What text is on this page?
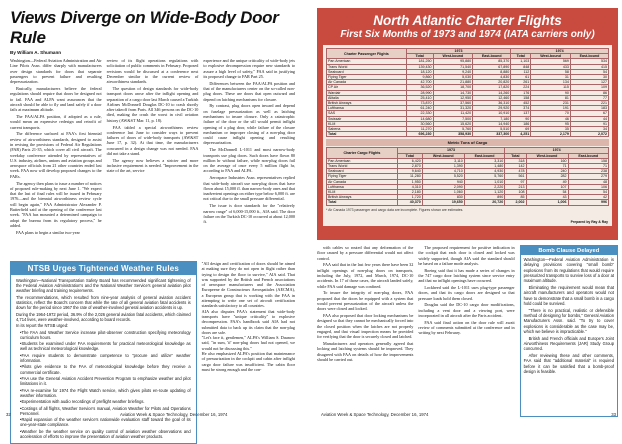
Views Diverge on Wide-Body Door Rule
By William A. Shumann

Washington—Federal Aviation Administration and Air Line Pilots Assn. differ sharply with manufacturers over design standards for doors that separate passengers to prevent failure and resulting depressurization.

Basically, manufacturers believe the federal regulations should require that doors be designed not to fail. FAA and ALPA want assurances that the aircraft should be able to fly and land safely if a door fails at maximum altitude.

The FAA/ALPA position, if adopted as a rule, would mean an expensive redesign and retrofit of current transports.

The difference surfaced at FAA's first biennial review of airworthiness standards, designed to assist in revising the provisions of Federal Air Regulations (FAR) Parts 21-35, which cover all civil aircraft. The weekday conference attended by representatives of U.S. industry, airlines, unions and aviation groups and aerospace officials from 21 other countries ended last week. FAA now will develop proposed changes to the FARs.

The agency then plans to issue a number of notices of proposed rule-making by next June 1. "We expect that the last of final rules will be issued in February 1976—and the biennial airworthiness review cycle will begin again," FAA Administrator Alexander P. Butterfield said at the opening of the conference last week. "FAA has mounted a determined campaign to adopt the bureau from its regulatory process," he added.

FAA plans to begin a similar two-year

review of its flight operations regulations with solicitation of public comments in February. Proposed revisions would be discussed at a conference next December similar to the current review of airworthiness standards.

The question of design standards for wide-body transport doors arose after the inflight opening and separation of a cargo door last March caused a Turkish Airlines McDonnell Douglas DC-10 to crash shortly after takeoff from Paris. All 346 persons on the DC-10 died, making the crash the worst in civil aviation history (AW&ST Mar. 11, p. 18).

FAA tabled a special airworthiness review conference last June to consider ways to prevent failures of doors of wide-body transports (AW&ST June 17, p. 32). At that time, the manufacturers concurred in a design change was not needed. FAA did not take a stand.

The agency now believes a stricter and more inclusive requirement is needed. "Improvement in the state of the art, service

experience and the unique criticality of wide-body jets to explosive decompression require new standards to assure a high level of safety," FAA said in justifying its proposed change to FAR Part 25.

Differences between the FAA/ALPA position and that of the manufacturers center on the so-called non-plug doors. These are doors that open outward and depend on latching mechanisms for closure.

By contrast, plug doors open inward and depend on fuselage pressurization as well as latching mechanisms to insure closure. Only a catastrophic failure of the door or the sill would permit inflight opening of a plug door, while failure of the closure mechanism or improper closing of a non-plug door could cause inflight opening and resulting depressurization.

The McDonnell L-1011 and most narrow-body transports use plug doors. Such doors have flown 80 million hr without failure, while non-plug doors fail on the average of once every 5 million flight hr, according to FAA and ALPA.

Aerospace Industries Assn. representatives replied that wide-body aircraft use non-plug doors that have flown about 15,000 fl. than narrow-body ones and that inadvertent openings on either type below 6,000 ft. are not critical due to the small pressure differential.

The issue is door standards for the "relatively narrow range" of 6,000-15,000 ft., AIA said. The door failure on the Turkish DC-10 occurred at about 12,000 ft.

NTSB Urges Tightened Weather Rules

Washington—National Transportation Safety Board has recommended significant tightening of the Federal Aviation Administration's and the National Weather Service's general aviation pilot weather briefing and training requirements.

The recommendations, which resulted from nine-year analysis of general aviation accident statistics, reflect the Board's concern that while the rate of all general aviation fatal accidents is down for the period since 1967 the rate of weather-involved general aviation accidents is up.

During the 1964-1972 period, 36.9% of the 2,026 general aviation fatal accidents, which claimed 4,714 lives, were weather-involved, according to board records.

In its report the NTSB urged:

• The FAA and Weather Service increase pilot-observer construction specifying meteorology curriculum hours.
• Students be examined under FAA requirements for practical meteorological knowledge as well as technical meteorological knowledge.
• FAA require students to demonstrate competence to "procure and utilize" weather information.
• Pilots give evidence to the FAA of meteorological knowledge before they receive a commercial certificate.
• FAA use the General Aviation Accident Prevention Program to emphasize weather and pilot limitations in it.
• FAA re-examine for 1974 the Flight Watch service, which gives pilots en-route updating of weather information.
• Experimentation with audio recordings of preflight weather briefings.
• Costings of all flights, Weather Service's manual, Aviation Weather for Pilots and Operations Personnel.
• Rapid expansion of the weather service's nationwide evaluation staff toward the goal of its one-year-state compliance.
• Weather be the weather service on quality control of aviation weather observations and acceleration of efforts to improve the presentation of aviation weather products.

"All design and certification of doors should be aimed at making sure they do not open in flight rather than trying to design the floor to survive," AIA said. That was supported by the British and French associations of aerospace manufacturers and the Association Europeene de Constructeurs Aerospatiales (AECMA), a European group that is working with the FAA in attempting to write one set of aircraft certification standards satisfactory to all countries.

AIA also disputes FAA's statement that wide-body transports have "unique criticality" to explosive decompression. FAA's handbook said AIA had not submitted data to back up its claim that the non-plug doors are safe.

"Let's face it, gentlemen," ALPA's William S. Daunow said, "in sum, 'if' non-plug doors had not opened, we would not be discussing this."

He also emphasized ALPA's position that maintenance of pressurization in the cockpit and cabin after inflight cargo door failure was insufficient. The cabin floor must be strong enough and the con-

32	Aviation Week & Space Technology, December 16, 1974
North Atlantic Charter Flights
First Six Months of 1973 and 1974 (IATA carriers only)
Charter Passenger Flights	1973			1974		
	Total	West-bound	East-bound	Total	West-bound	East-bound
Pan American	181,250	95,880	85,370	1,103	569	534
Trans World	139,430	71,540	67,890	848	433	415
Seaboard	18,120	9,240	8,880	112	58	54
Flying Tiger	9,860	5,030	4,830	61	31	30
Air Canada	42,700	21,880	20,820	261	134	127
CP Air	36,520	18,700	17,820	224	115	109
Wardair	28,990	14,730	14,260	176	90	86
Alitalia	25,410	12,950	12,460	158	81	77
British Airways	73,870	37,560	36,310	452	231	221
Lufthansa	61,240	31,320	29,920	374	191	183
SAS	22,330	11,420	10,910	137	70	67
Swissair	14,680	7,500	7,180	90	46	44
KLM	30,560	15,620	14,940	186	95	91
Sabena	11,270	5,760	5,510	69	35	34
Total	696,230	358,930	337,300	4,251	2,179	2,072
Metric Tons of Cargo
Charter Cargo Flights	1973			1974		
	Total	West-bound	East-bound	Total	West-bound	East-bound
Pan American	6,420	3,110	3,310	318	160	158
Trans World	2,870	1,390	1,480	142	71	71
Seaboard	9,640	4,710	4,930	478	240	238
Flying Tiger	11,280	5,520	5,760	561	282	279
Air Canada	1,950	940	1,010	97	49	48
Lufthansa	4,310	2,090	2,220	213	107	106
KLM	2,180	1,060	1,120	108	54	54
British Airways	1,720	830	890	85	43	42
Total	40,370	19,650	20,720	2,002	1,006	996
* Air Canada 1973 passenger and cargo data are incomplete. Figures shown are estimates.
Prepared by Ray & Ray

with cables so routed that any deformation of the floor caused by a pressure differential would not affect control.

FAA said that in the last few years there have been 32 inflight openings of non-plug doors on transports, including the July, 1972, and March, 1974, DC-10 accidents. In 17 of those cases, the aircraft landed safely, while FAA said damage was confined.

To insure the integrity of non-plug doors, FAA proposed that the doors be equipped with a system that would prevent pressurization of the aircraft unless the doors were closed and locked.

FAA also proposed that door locking mechanisms be designed so that they cannot be mechanically forced into the closed position when the latches are not properly engaged, and that visual inspection means be provided for verifying that the door is securely closed and latched.

Manufacturers and operators generally agreed that locking and latching systems should be improved. They disagreed with FAA on details of how the improvements should be carried out.

The proposed requirement for positive indication in the cockpit that each door is closed and locked was widely supported, though AIA said the standard should be based on a failure mode analysis.

Boeing said that it has made a series of changes in the 747 cargo door latching system since service entry and that no inflight openings have occurred.

Lockheed said the L-1011 uses plug-type passenger doors, and that its cargo doors are designed so that pressure loads hold them closed.

Douglas said the DC-10 cargo door modifications, including a vent door and a viewing port, were incorporated in all aircraft after the Paris accident.

FAA said final action on the door rule will await review of comments submitted at the conference and in writing by next February.

Bomb Clause Delayed

Washington—Federal Aviation Administration is delaying provisions covering "small bomb" explosions from its regulations that would require pressurized transports to survive loss of a door at maximum altitude.

Eliminating the requirement would mean that aircraft manufacturers and operators would not have to demonstrate that a small bomb in a cargo hold could be survived.

"There is no practical, realistic or defensible method of designing for bombs," General Aviation Manufacturers Assn. said. "To try to cover explosions is considerable as the case may be, which we believe is impracticable."

British and French officials and Europe's Joint Airworthiness Requirements (JAR) Study Group concurred.

After reviewing these and other comments, FAA said that "additional material" is required before it can be satisfied that a bomb-proof design is feasible.

Aviation Week & Space Technology, December 16, 1974	33
